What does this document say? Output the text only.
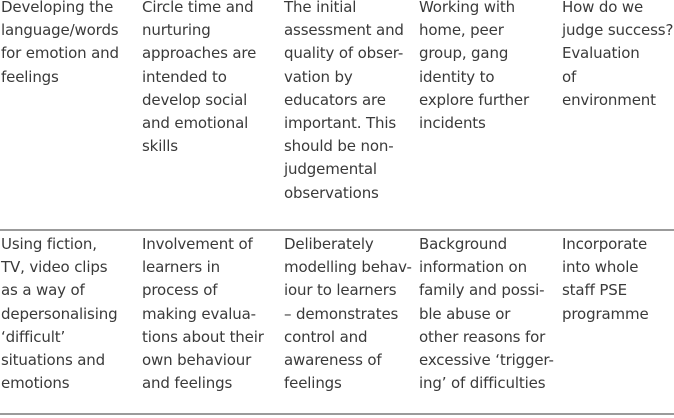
Developing the
language/words
for emotion and
feelings
Circle time and
nurturing
approaches are
intended to
develop social
and emotional
skills
The initial
assessment and
quality of obser-
vation by
educators are
important. This
should be non-
judgemental
observations
Working with
home, peer
group, gang
identity to
explore further
incidents
How do we
judge success?
Evaluation
of environment
Using fiction,
TV, video clips
as a way of
depersonalising
‘difficult’
situations and
emotions
Involvement of
learners in
process of
making evalua-
tions about their
own behaviour
and feelings
Deliberately
modelling behav-
iour to learners
– demonstrates
control and
awareness of
feelings
Background
information on
family and possi-
ble abuse or
other reasons for
excessive ‘trigger-
ing’ of difficulties
Incorporate
into whole
staff PSE
programme
